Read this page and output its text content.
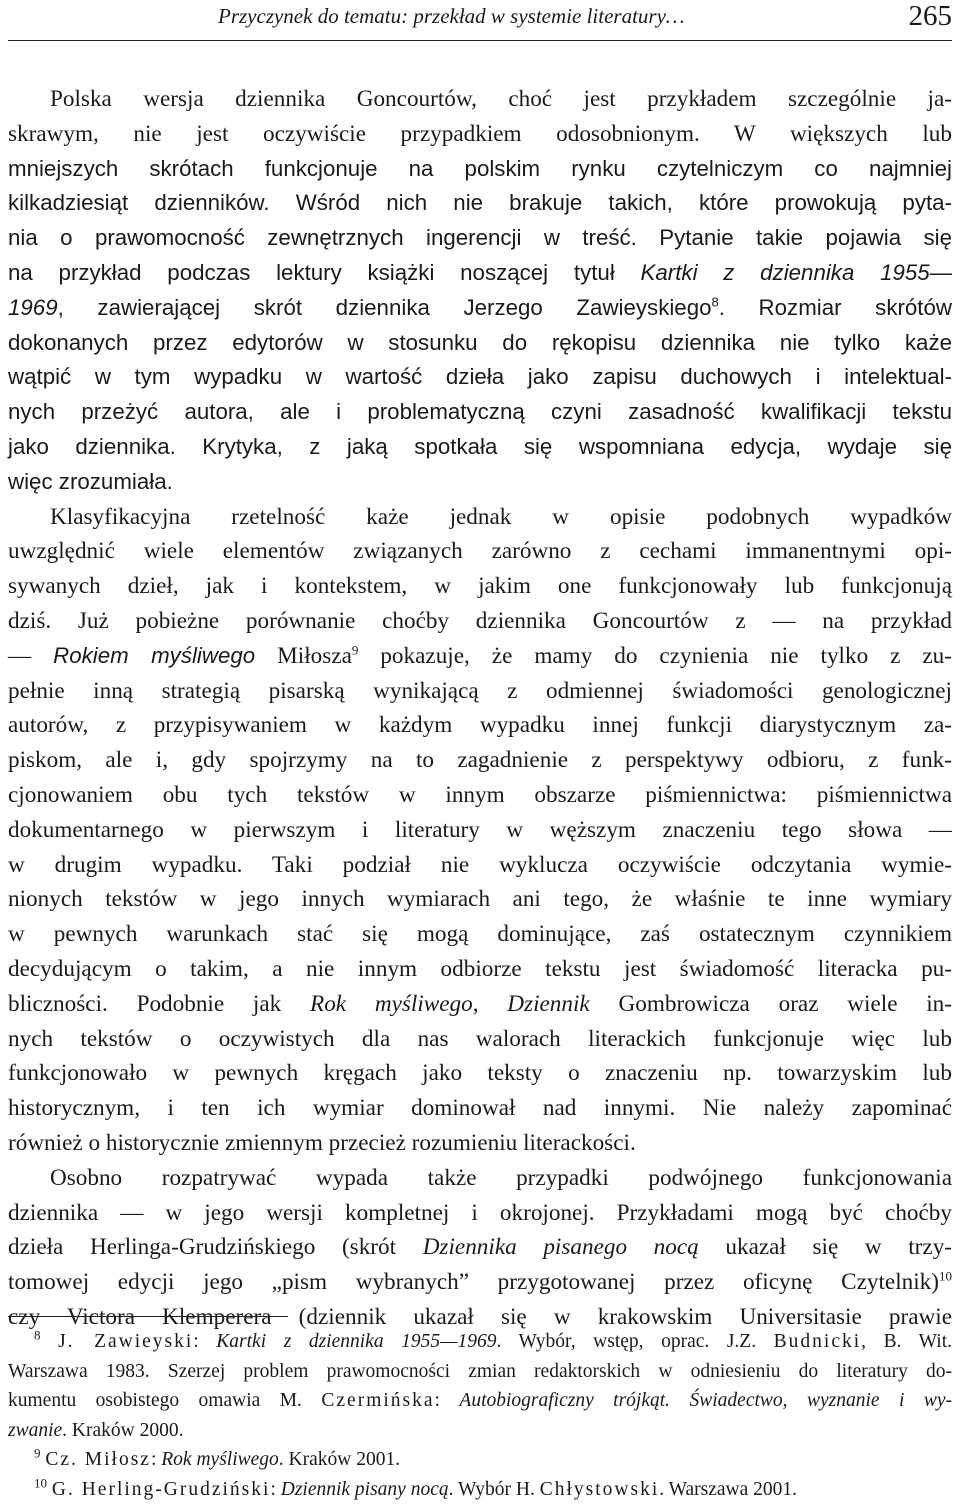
Przyczynek do tematu: przekład w systemie literatury…	265
Polska wersja dziennika Goncourtów, choć jest przykładem szczególnie ja-
skrawym, nie jest oczywiście przypadkiem odosobnionym. W większych lub
mniejszych skrótach funkcjonuje na polskim rynku czytelniczym co najmniej
kilkadziesiąt dzienników. Wśród nich nie brakuje takich, które prowokują pyta-
nia o prawomocność zewnętrznych ingerencji w treść. Pytanie takie pojawia się
na przykład podczas lektury książki noszącej tytuł Kartki z dziennika 1955—
1969, zawierającej skrót dziennika Jerzego Zawieyskiego$^8$. Rozmiar skrótów
dokonanych przez edytorów w stosunku do rękopisu dziennika nie tylko każe
wątpić w tym wypadku w wartość dzieła jako zapisu duchowych i intelektual-
nych przeżyć autora, ale i problematyczną czyni zasadność kwalifikacji tekstu
jako dziennika. Krytyka, z jaką spotkała się wspomniana edycja, wydaje się
więc zrozumiała.
Klasyfikacyjna rzetelność każe jednak w opisie podobnych wypadków
uwzględnić wiele elementów związanych zarówno z cechami immanentnymi opi-
sywanych dzieł, jak i kontekstem, w jakim one funkcjonowały lub funkcjonują
dziś. Już pobieżne porównanie choćby dziennika Goncourtów z — na przykład
— Rokiem myśliwego Miłosza$^9$ pokazuje, że mamy do czynienia nie tylko z zu-
pełnie inną strategią pisarską wynikającą z odmiennej świadomości genologicznej
autorów, z przypisywaniem w każdym wypadku innej funkcji diarystycznym za-
piskom, ale i, gdy spojrzymy na to zagadnienie z perspektywy odbioru, z funk-
cjonowaniem obu tych tekstów w innym obszarze piśmiennictwa: piśmiennictwa
dokumentarnego w pierwszym i literatury w węższym znaczeniu tego słowa —
w drugim wypadku. Taki podział nie wyklucza oczywiście odczytania wymie-
nionych tekstów w jego innych wymiarach ani tego, że właśnie te inne wymiary
w pewnych warunkach stać się mogą dominujące, zaś ostatecznym czynnikiem
decydującym o takim, a nie innym odbiorze tekstu jest świadomość literacka pu-
bliczności. Podobnie jak Rok myśliwego, Dziennik Gombrowicza oraz wiele in-
nych tekstów o oczywistych dla nas walorach literackich funkcjonuje więc lub
funkcjonowało w pewnych kręgach jako teksty o znaczeniu np. towarzyskim lub
historycznym, i ten ich wymiar dominował nad innymi. Nie należy zapominać
również o historycznie zmiennym przecież rozumieniu literackości.
Osobno rozpatrywać wypada także przypadki podwójnego funkcjonowania
dziennika — w jego wersji kompletnej i okrojonej. Przykładami mogą być choćby
dzieła Herlinga-Grudzińskiego (skrót Dziennika pisanego nocą ukazał się w trzy-
tomowej edycji jego „pism wybranych” przygotowanej przez oficynę Czytelnik)$^{10}$
czy Victora Klemperera (dziennik ukazał się w krakowskim Universitasie prawie
$^8$ J. Zawieyski: Kartki z dziennika 1955—1969. Wybór, wstęp, oprac. J.Z. Budnicki, B. Wit.
Warszawa 1983. Szerzej problem prawomocności zmian redaktorskich w odniesieniu do literatury do-
kumentu osobistego omawia M. Czermińska: Autobiograficzny trójkąt. Świadectwo, wyznanie i wy-
zwanie. Kraków 2000.
$^9$ Cz. Miłosz: Rok myśliwego. Kraków 2001.
$^{10}$ G. Herling-Grudziński: Dziennik pisany nocą. Wybór H. Chłystowski. Warszawa 2001.
